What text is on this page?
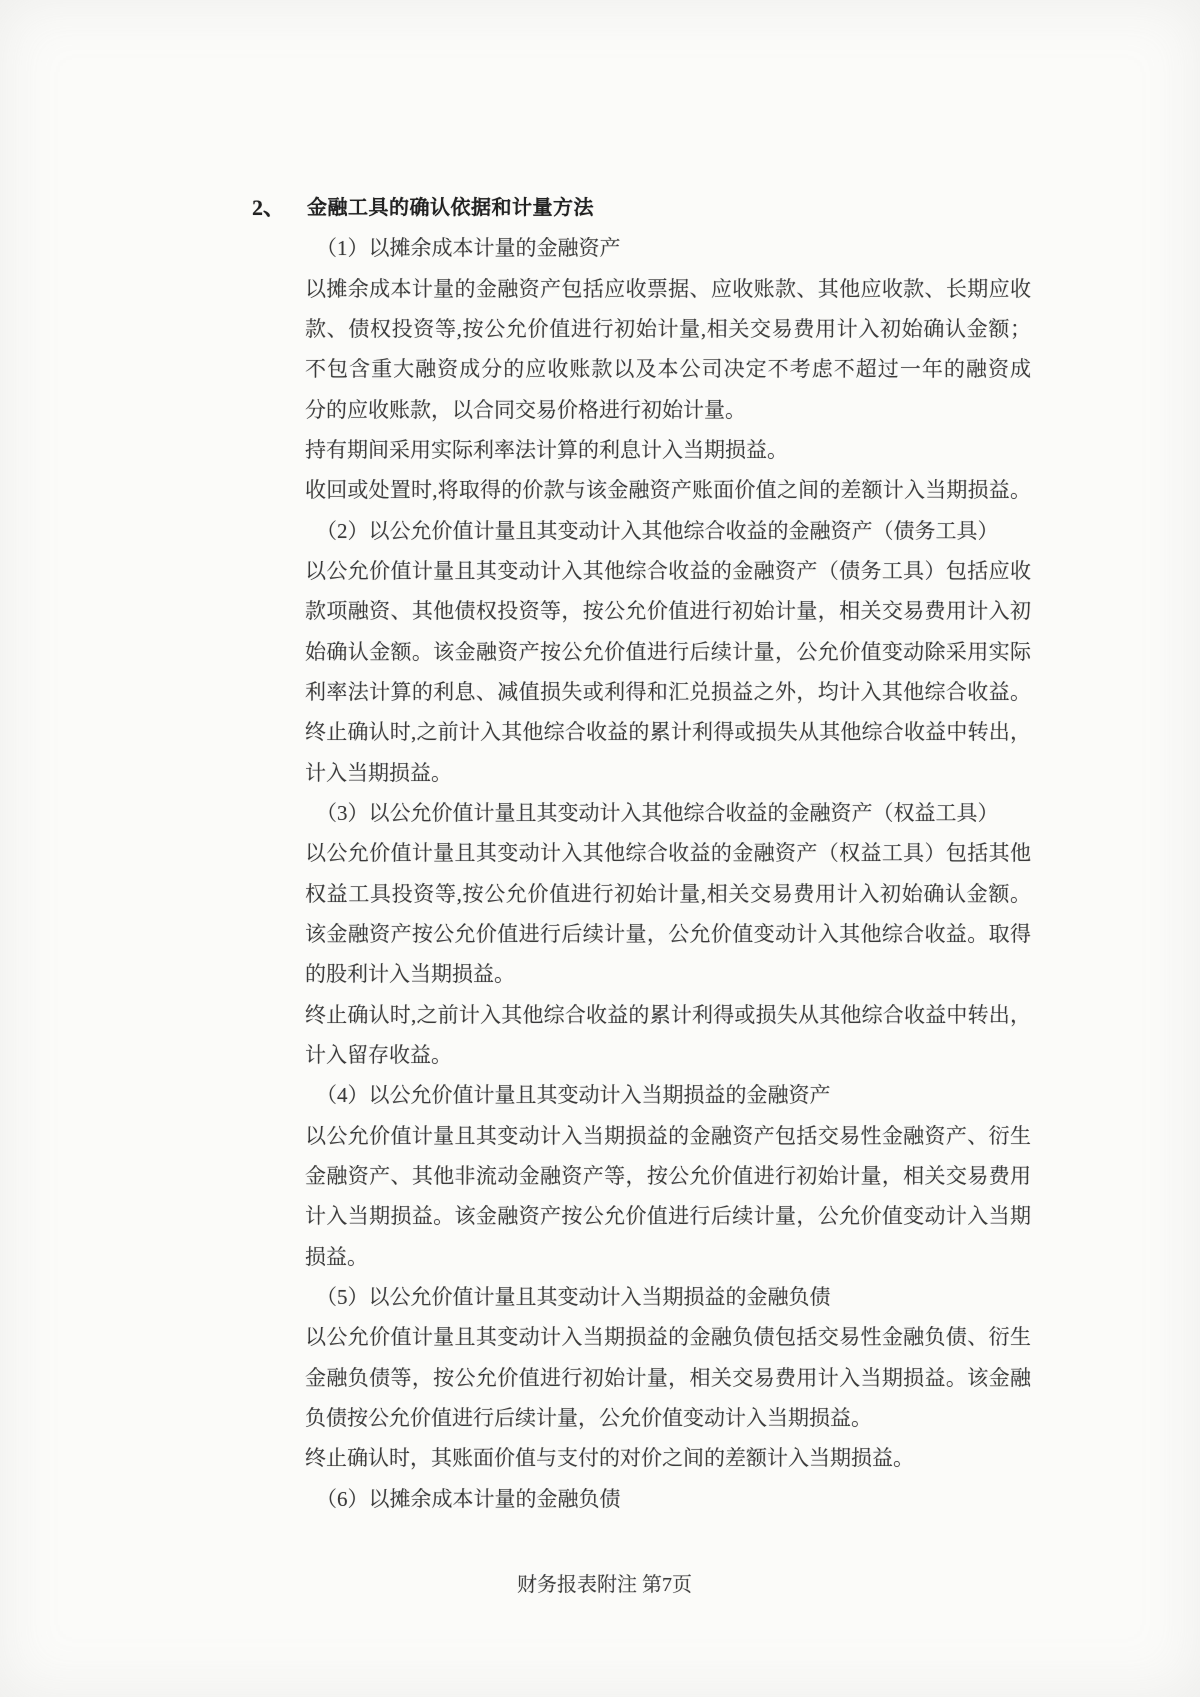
2、 金融工具的确认依据和计量方法
（1）以摊余成本计量的金融资产
以摊余成本计量的金融资产包括应收票据、应收账款、其他应收款、长期应收
款、债权投资等,按公允价值进行初始计量,相关交易费用计入初始确认金额；
不包含重大融资成分的应收账款以及本公司决定不考虑不超过一年的融资成
分的应收账款，以合同交易价格进行初始计量。
持有期间采用实际利率法计算的利息计入当期损益。
收回或处置时,将取得的价款与该金融资产账面价值之间的差额计入当期损益。
（2）以公允价值计量且其变动计入其他综合收益的金融资产（债务工具）
以公允价值计量且其变动计入其他综合收益的金融资产（债务工具）包括应收
款项融资、其他债权投资等，按公允价值进行初始计量，相关交易费用计入初
始确认金额。该金融资产按公允价值进行后续计量，公允价值变动除采用实际
利率法计算的利息、减值损失或利得和汇兑损益之外，均计入其他综合收益。
终止确认时,之前计入其他综合收益的累计利得或损失从其他综合收益中转出，
计入当期损益。
（3）以公允价值计量且其变动计入其他综合收益的金融资产（权益工具）
以公允价值计量且其变动计入其他综合收益的金融资产（权益工具）包括其他
权益工具投资等,按公允价值进行初始计量,相关交易费用计入初始确认金额。
该金融资产按公允价值进行后续计量，公允价值变动计入其他综合收益。取得
的股利计入当期损益。
终止确认时,之前计入其他综合收益的累计利得或损失从其他综合收益中转出，
计入留存收益。
（4）以公允价值计量且其变动计入当期损益的金融资产
以公允价值计量且其变动计入当期损益的金融资产包括交易性金融资产、衍生
金融资产、其他非流动金融资产等，按公允价值进行初始计量，相关交易费用
计入当期损益。该金融资产按公允价值进行后续计量，公允价值变动计入当期
损益。
（5）以公允价值计量且其变动计入当期损益的金融负债
以公允价值计量且其变动计入当期损益的金融负债包括交易性金融负债、衍生
金融负债等，按公允价值进行初始计量，相关交易费用计入当期损益。该金融
负债按公允价值进行后续计量，公允价值变动计入当期损益。
终止确认时，其账面价值与支付的对价之间的差额计入当期损益。
（6）以摊余成本计量的金融负债
财务报表附注 第7页
